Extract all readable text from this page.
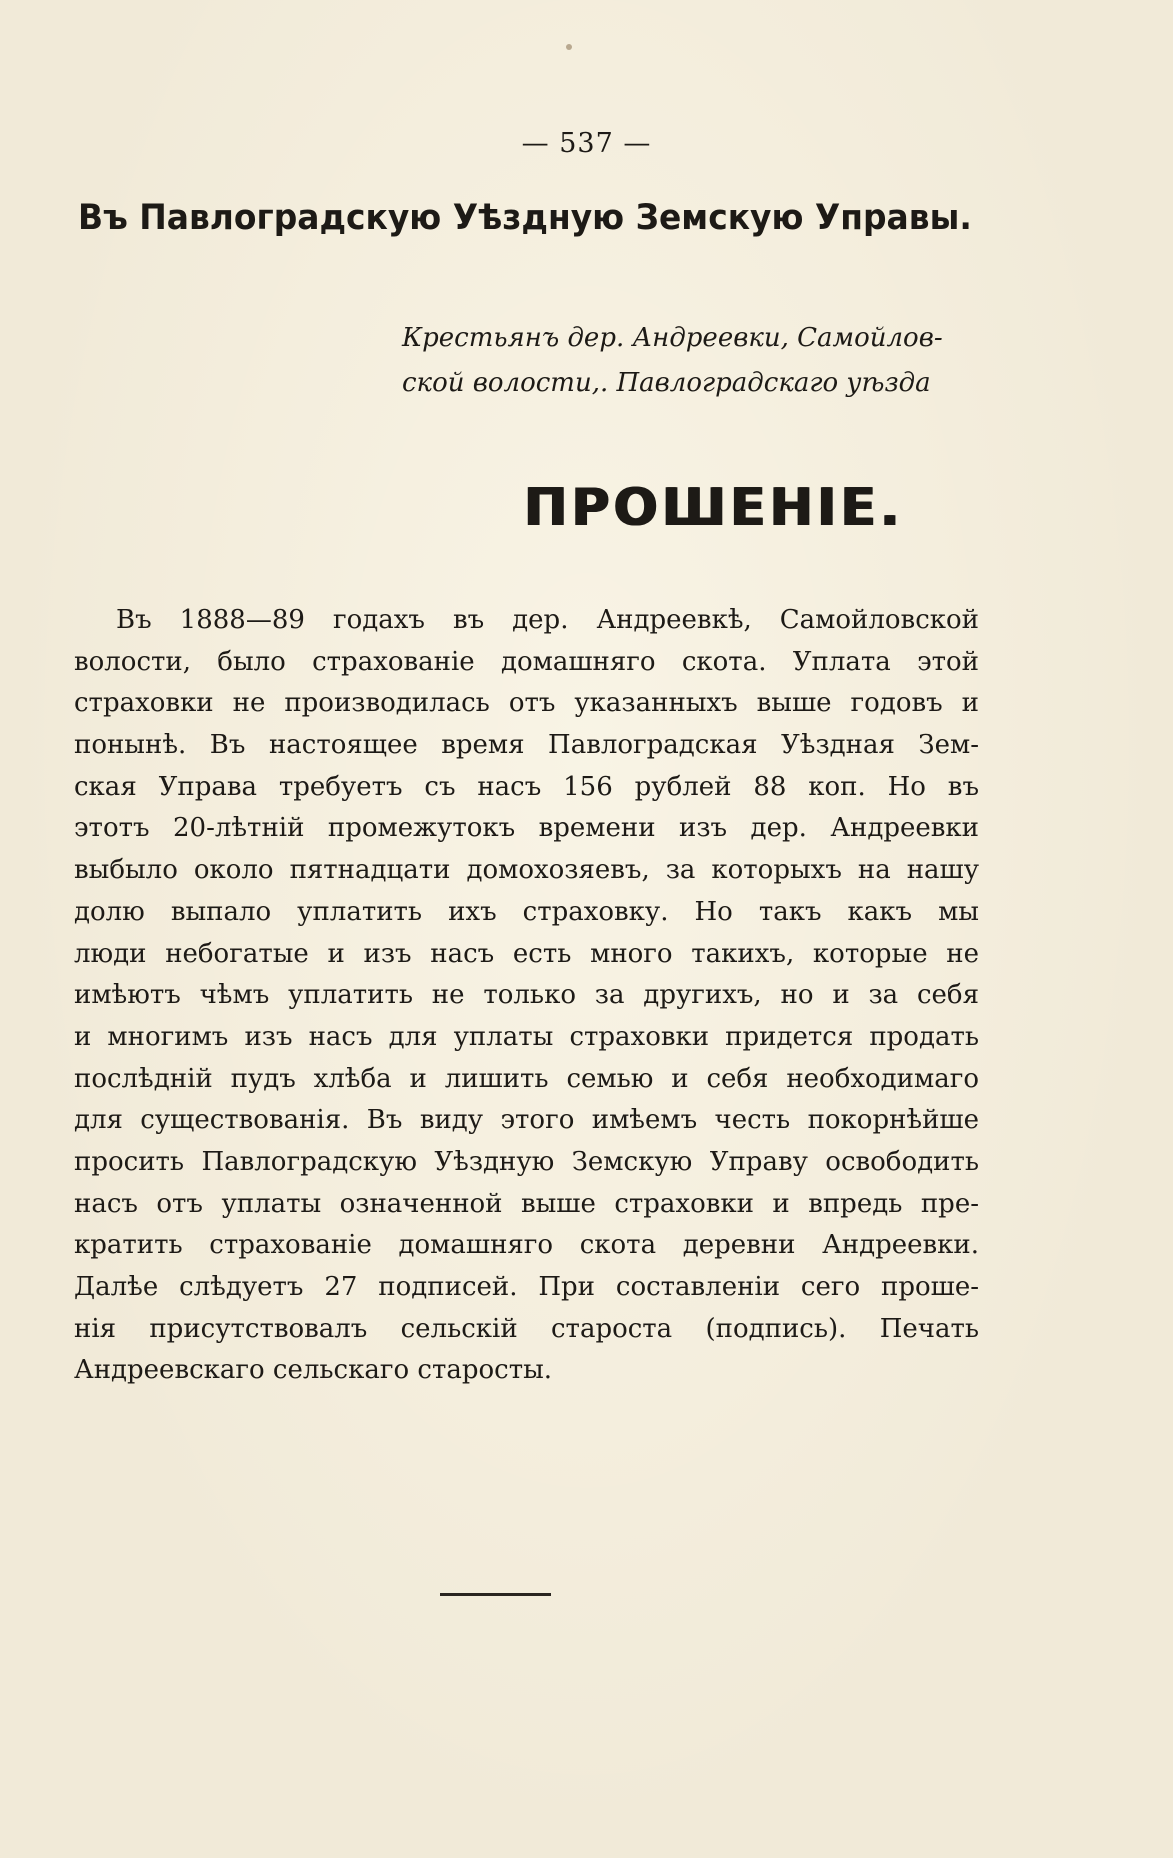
— 537 —
Въ Павлоградскую Уѣздную Земскую Управы.
Крестьянъ дер. Андреевки, Самойлов-
ской волости,. Павлоградскаго уѣзда
ПРОШЕНІЕ.
Въ 1888—89 годахъ въ дер. Андреевкѣ, Самойловской
волости, было страхованіе домашняго скота. Уплата этой
страховки не производилась отъ указанныхъ выше годовъ и
понынѣ. Въ настоящее время Павлоградская Уѣздная Зем-
ская Управа требуетъ съ насъ 156 рублей 88 коп. Но въ
этотъ 20-лѣтній промежутокъ времени изъ дер. Андреевки
выбыло около пятнадцати домохозяевъ, за которыхъ на нашу
долю выпало уплатить ихъ страховку. Но такъ какъ мы
люди небогатые и изъ насъ есть много такихъ, которые не
имѣютъ чѣмъ уплатить не только за другихъ, но и за себя
и многимъ изъ насъ для уплаты страховки придется продать
послѣдній пудъ хлѣба и лишить семью и себя необходимаго
для существованія. Въ виду этого имѣемъ честь покорнѣйше
просить Павлоградскую Уѣздную Земскую Управу освободить
насъ отъ уплаты означенной выше страховки и впредь пре-
кратить страхованіе домашняго скота деревни Андреевки.
Далѣе слѣдуетъ 27 подписей. При составленіи сего проше-
нія присутствовалъ сельскій староста (подпись). Печать
Андреевскаго сельскаго старосты.
